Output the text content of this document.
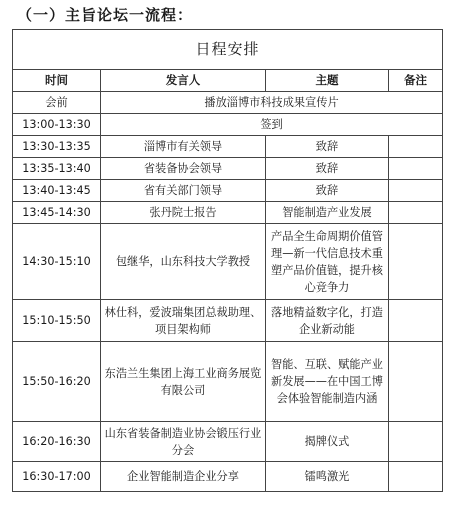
（一）主旨论坛一流程：
日程安排			
时间	发言人	主题	备注
会前	播放淄博市科技成果宣传片		
13:00-13:30	签到		
13:30-13:35	淄博市有关领导	致辞	
13:35-13:40	省装备协会领导	致辞	
13:40-13:45	省有关部门领导	致辞	
13:45-14:30	张丹院士报告	智能制造产业发展	
14:30-15:10	包继华，山东科技大学教授	产品全生命周期价值管理—新一代信息技术重塑产品价值链，提升核心竞争力	
15:10-15:50	林仕科，爱波瑞集团总裁助理、项目架构师	落地精益数字化，打造企业新动能	
15:50-16:20	东浩兰生集团上海工业商务展览有限公司	智能、互联、赋能产业新发展——在中国工博会体验智能制造内涵	
16:20-16:30	山东省装备制造业协会锻压行业分会	揭牌仪式	
16:30-17:00	企业智能制造企业分享	镭鸣激光	
